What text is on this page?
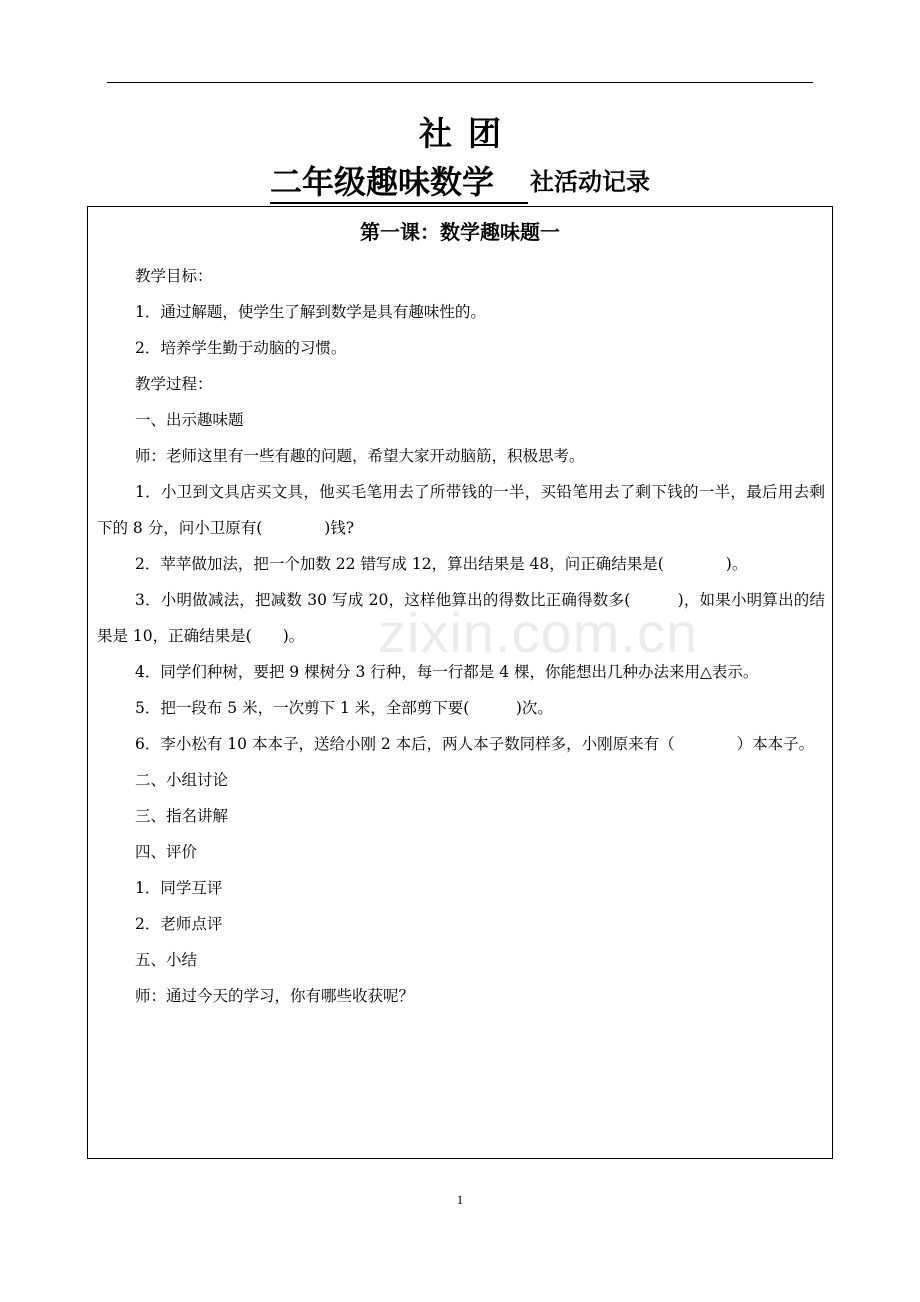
社团
二年级趣味数学 社活动记录
第一课：数学趣味题一

教学目标：

1．通过解题，使学生了解到数学是具有趣味性的。

2．培养学生勤于动脑的习惯。

教学过程：

一、出示趣味题

师：老师这里有一些有趣的问题，希望大家开动脑筋，积极思考。

1．小卫到文具店买文具，他买毛笔用去了所带钱的一半，买铅笔用去了剩下钱的一半，最后用去剩下的 8 分，问小卫原有(　　　　)钱?

2．苹苹做加法，把一个加数 22 错写成 12，算出结果是 48，问正确结果是(　　　　)。

3．小明做减法，把减数 30 写成 20，这样他算出的得数比正确得数多(　　　)，如果小明算出的结果是 10，正确结果是(　　)。

4．同学们种树，要把 9 棵树分 3 行种，每一行都是 4 棵，你能想出几种办法来用△表示。

5．把一段布 5 米，一次剪下 1 米，全部剪下要(　　　)次。

6．李小松有 10 本本子，送给小刚 2 本后，两人本子数同样多，小刚原来有（　　　　）本本子。

二、小组讨论

三、指名讲解

四、评价

1．同学互评

2．老师点评

五、小结

师：通过今天的学习，你有哪些收获呢？

zixin.com.cn
1
